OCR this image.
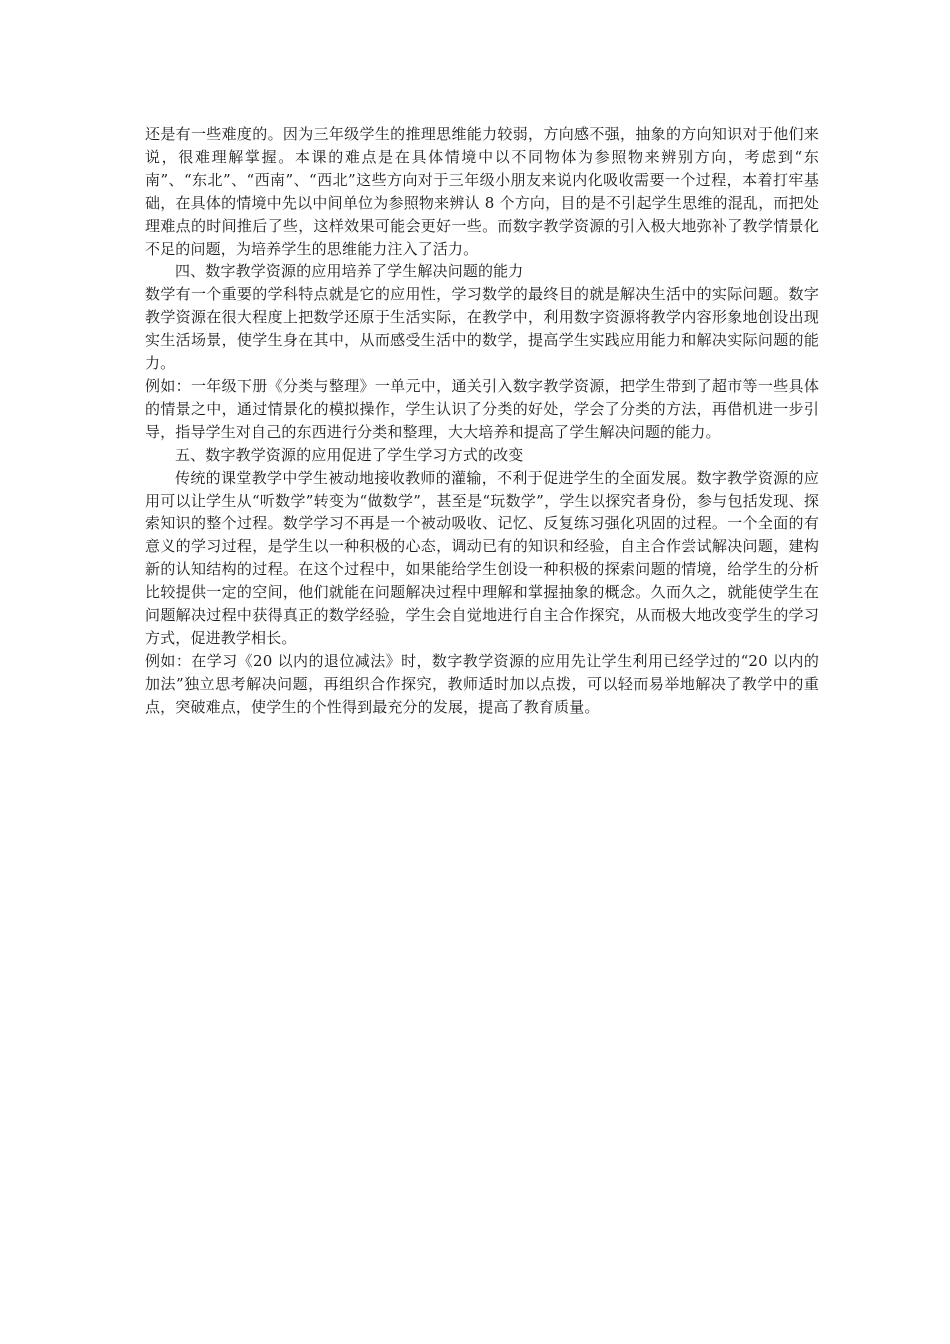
还是有一些难度的。因为三年级学生的推理思维能力较弱，方向感不强，抽象的方向知识对于他们来说，很难理解掌握。本课的难点是在具体情境中以不同物体为参照物来辨别方向，考虑到“东南”、“东北”、“西南”、“西北”这些方向对于三年级小朋友来说内化吸收需要一个过程，本着打牢基础，在具体的情境中先以中间单位为参照物来辨认 8 个方向，目的是不引起学生思维的混乱，而把处理难点的时间推后了些，这样效果可能会更好一些。而数字教学资源的引入极大地弥补了教学情景化不足的问题，为培养学生的思维能力注入了活力。

四、数字教学资源的应用培养了学生解决问题的能力

数学有一个重要的学科特点就是它的应用性，学习数学的最终目的就是解决生活中的实际问题。数字教学资源在很大程度上把数学还原于生活实际，在教学中，利用数字资源将教学内容形象地创设出现实生活场景，使学生身在其中，从而感受生活中的数学，提高学生实践应用能力和解决实际问题的能力。

例如：一年级下册《分类与整理》一单元中，通关引入数字教学资源，把学生带到了超市等一些具体的情景之中，通过情景化的模拟操作，学生认识了分类的好处，学会了分类的方法，再借机进一步引导，指导学生对自己的东西进行分类和整理，大大培养和提高了学生解决问题的能力。

五、数字教学资源的应用促进了学生学习方式的改变

传统的课堂教学中学生被动地接收教师的灌输，不利于促进学生的全面发展。数字教学资源的应用可以让学生从“听数学”转变为“做数学”，甚至是“玩数学”，学生以探究者身份，参与包括发现、探索知识的整个过程。数学学习不再是一个被动吸收、记忆、反复练习强化巩固的过程。一个全面的有意义的学习过程，是学生以一种积极的心态，调动已有的知识和经验，自主合作尝试解决问题，建构新的认知结构的过程。在这个过程中，如果能给学生创设一种积极的探索问题的情境，给学生的分析比较提供一定的空间，他们就能在问题解决过程中理解和掌握抽象的概念。久而久之，就能使学生在问题解决过程中获得真正的数学经验，学生会自觉地进行自主合作探究，从而极大地改变学生的学习方式，促进教学相长。

例如：在学习《20 以内的退位减法》时，数字教学资源的应用先让学生利用已经学过的“20 以内的加法”独立思考解决问题，再组织合作探究，教师适时加以点拨，可以轻而易举地解决了教学中的重点，突破难点，使学生的个性得到最充分的发展，提高了教育质量。
